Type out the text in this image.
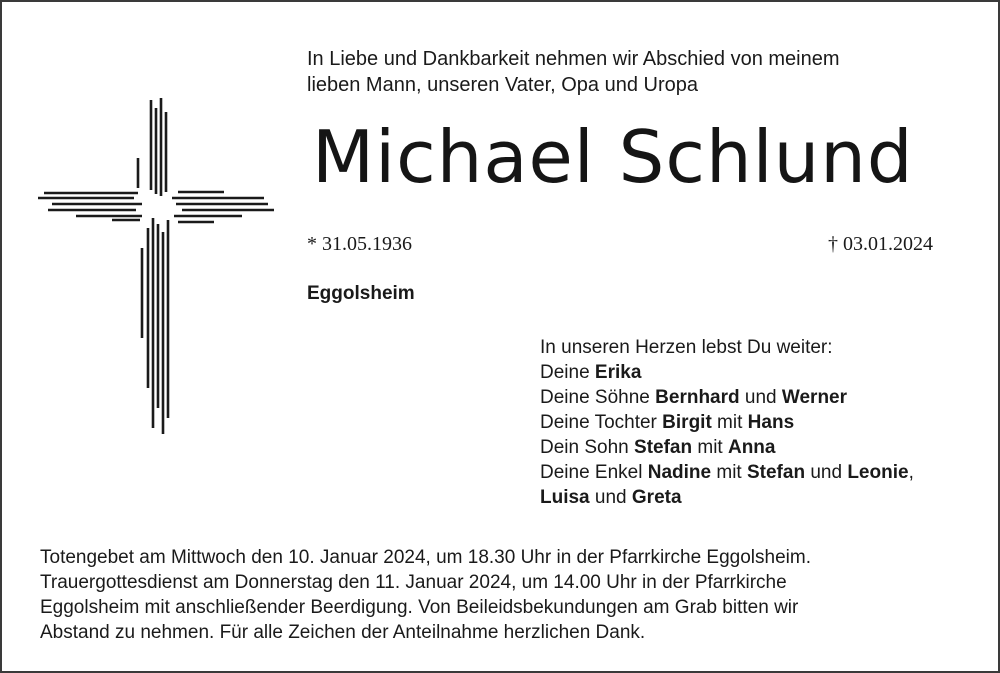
In Liebe und Dankbarkeit nehmen wir Abschied von meinem
lieben Mann, unseren Vater, Opa und Uropa
Michael Schlund
* 31.05.1936	† 03.01.2024
Eggolsheim
In unseren Herzen lebst Du weiter:
Deine Erika
Deine Söhne Bernhard und Werner
Deine Tochter Birgit mit Hans
Dein Sohn Stefan mit Anna
Deine Enkel Nadine mit Stefan und Leonie,
Luisa und Greta
Totengebet am Mittwoch den 10. Januar 2024, um 18.30 Uhr in der Pfarrkirche Eggolsheim.
Trauergottesdienst am Donnerstag den 11. Januar 2024, um 14.00 Uhr in der Pfarrkirche
Eggolsheim mit anschließender Beerdigung. Von Beileidsbekundungen am Grab bitten wir
Abstand zu nehmen. Für alle Zeichen der Anteilnahme herzlichen Dank.
